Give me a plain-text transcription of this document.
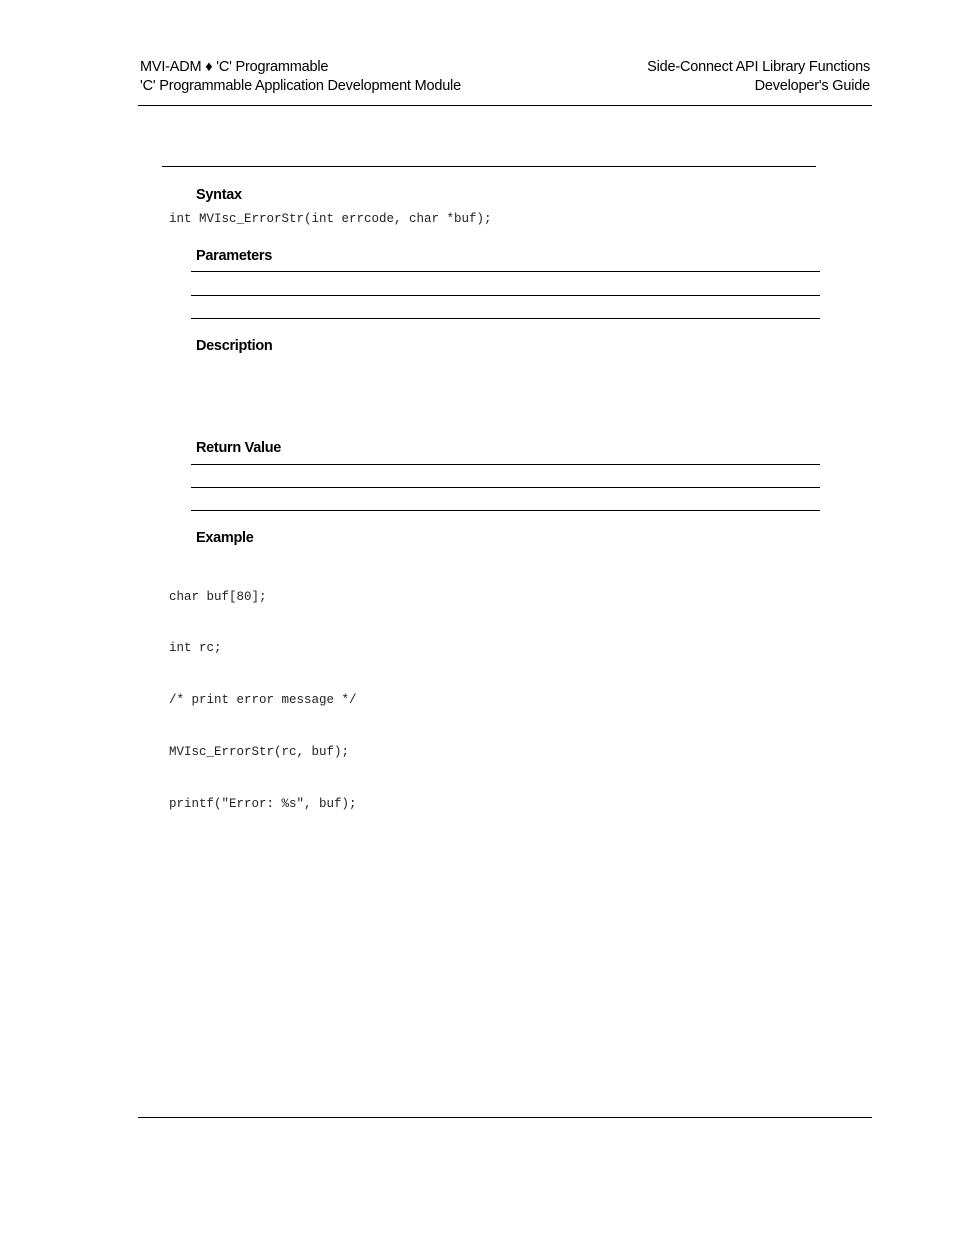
MVI-ADM ♦ 'C' Programmable
'C' Programmable Application Development Module
Side-Connect API Library Functions
Developer's Guide
Syntax
int MVIsc_ErrorStr(int errcode, char *buf);
Parameters
Description
Return Value
Example

char buf[80];

int rc;

/* print error message */

MVIsc_ErrorStr(rc, buf);

printf("Error: %s", buf);
